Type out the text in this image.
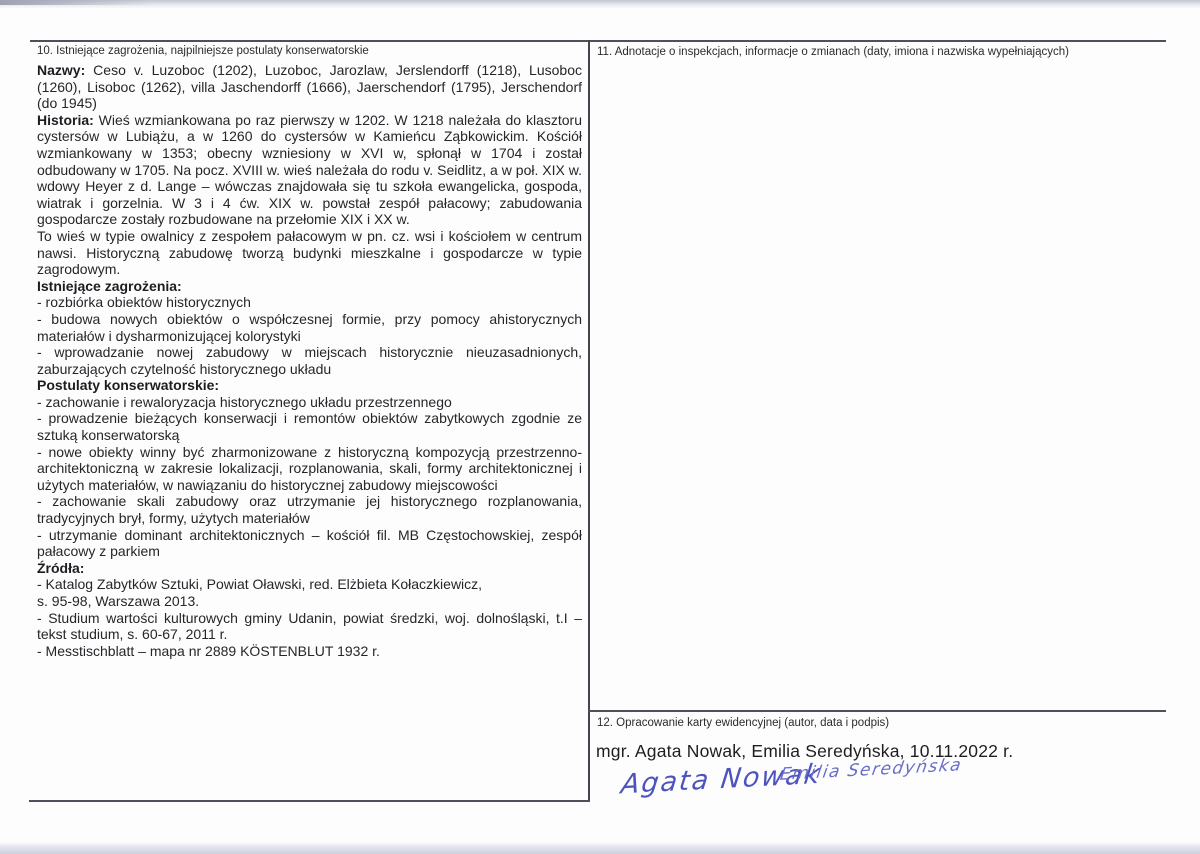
10. Istniejące zagrożenia, najpilniejsze postulaty konserwatorskie

Nazwy: Ceso v. Luzoboc (1202), Luzoboc, Jarozlaw, Jerslendorff (1218), Lusoboc (1260), Lisoboc (1262), villa Jaschendorff (1666), Jaerschendorf (1795), Jerschendorf (do 1945)

Historia: Wieś wzmiankowana po raz pierwszy w 1202. W 1218 należała do klasztoru cystersów w Lubiążu, a w 1260 do cystersów w Kamieńcu Ząbkowickim. Kościół wzmiankowany w 1353; obecny wzniesiony w XVI w, spłonął w 1704 i został odbudowany w 1705. Na pocz. XVIII w. wieś należała do rodu v. Seidlitz, a w poł. XIX w. wdowy Heyer z d. Lange – wówczas znajdowała się tu szkoła ewangelicka, gospoda, wiatrak i gorzelnia. W 3 i 4 ćw. XIX w. powstał zespół pałacowy; zabudowania gospodarcze zostały rozbudowane na przełomie XIX i XX w.

To wieś w typie owalnicy z zespołem pałacowym w pn. cz. wsi i kościołem w centrum nawsi. Historyczną zabudowę tworzą budynki mieszkalne i gospodarcze w typie zagrodowym.

Istniejące zagrożenia:

- rozbiórka obiektów historycznych

- budowa nowych obiektów o współczesnej formie, przy pomocy ahistorycznych materiałów i dysharmonizującej kolorystyki

- wprowadzanie nowej zabudowy w miejscach historycznie nieuzasadnionych, zaburzających czytelność historycznego układu

Postulaty konserwatorskie:

- zachowanie i rewaloryzacja historycznego układu przestrzennego

- prowadzenie bieżących konserwacji i remontów obiektów zabytkowych zgodnie ze sztuką konserwatorską

- nowe obiekty winny być zharmonizowane z historyczną kompozycją przestrzenno-architektoniczną w zakresie lokalizacji, rozplanowania, skali, formy architektonicznej i użytych materiałów, w nawiązaniu do historycznej zabudowy miejscowości

- zachowanie skali zabudowy oraz utrzymanie jej historycznego rozplanowania, tradycyjnych brył, formy, użytych materiałów

- utrzymanie dominant architektonicznych – kościół fil. MB Częstochowskiej, zespół pałacowy z parkiem

Źródła:

- Katalog Zabytków Sztuki, Powiat Oławski, red. Elżbieta Kołaczkiewicz,

s. 95-98, Warszawa 2013.

- Studium wartości kulturowych gminy Udanin, powiat średzki, woj. dolnośląski, t.I – tekst studium, s. 60-67, 2011 r.

- Messtischblatt – mapa nr 2889 KÖSTENBLUT 1932 r.

11. Adnotacje o inspekcjach, informacje o zmianach (daty, imiona i nazwiska wypełniających)
12. Opracowanie karty ewidencyjnej (autor, data i podpis)
mgr. Agata Nowak, Emilia Seredyńska, 10.11.2022 r.
Agata Nowak
Emilia Seredyńska
